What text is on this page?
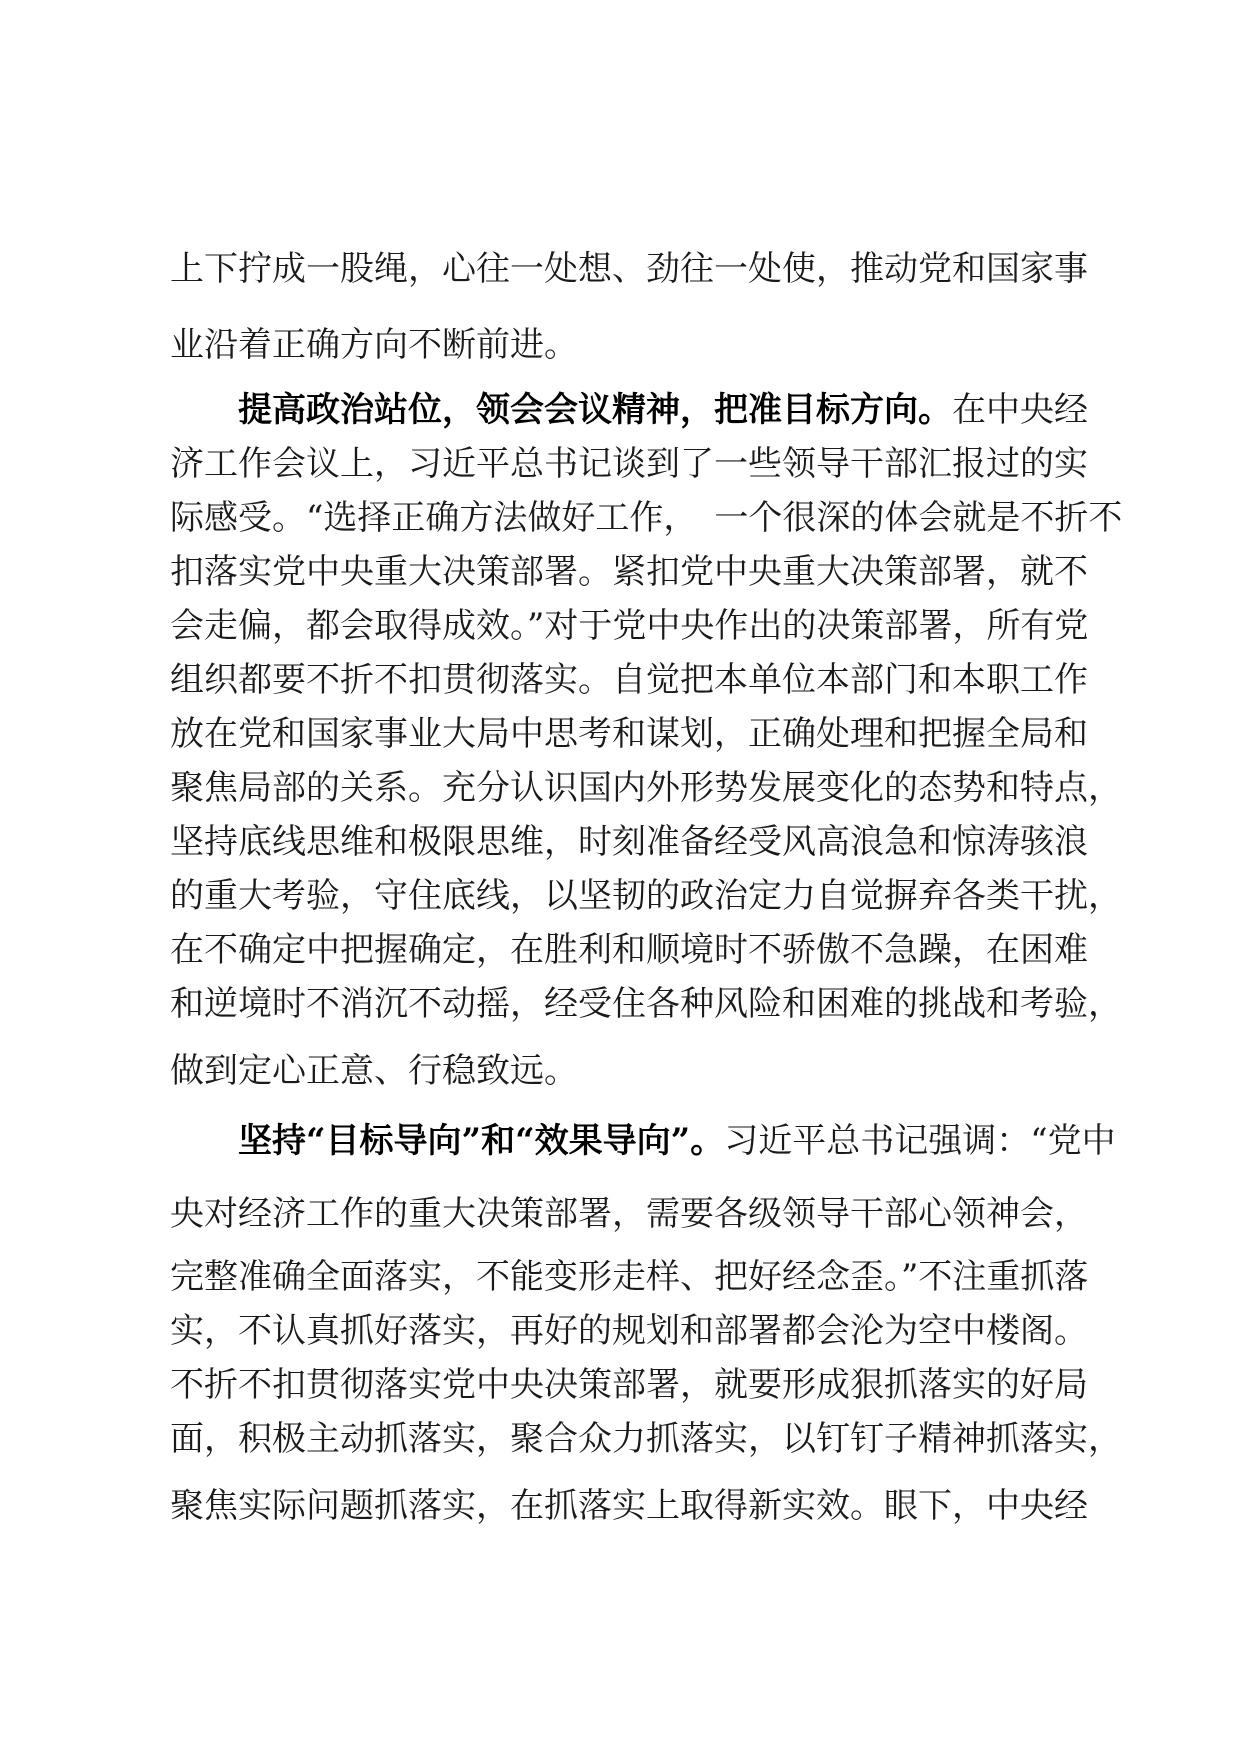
上下拧成一股绳，心往一处想、劲往一处使，推动党和国家事
业沿着正确方向不断前进。
提高政治站位，领会会议精神，把准目标方向。在中央经
济工作会议上，习近平总书记谈到了一些领导干部汇报过的实
际感受。“选择正确方法做好工作，　一个很深的体会就是不折不
扣落实党中央重大决策部署。紧扣党中央重大决策部署，就不
会走偏，都会取得成效。”对于党中央作出的决策部署，所有党
组织都要不折不扣贯彻落实。自觉把本单位本部门和本职工作
放在党和国家事业大局中思考和谋划，正确处理和把握全局和
聚焦局部的关系。充分认识国内外形势发展变化的态势和特点，
坚持底线思维和极限思维，时刻准备经受风高浪急和惊涛骇浪
的重大考验，守住底线，以坚韧的政治定力自觉摒弃各类干扰，
在不确定中把握确定，在胜利和顺境时不骄傲不急躁，在困难
和逆境时不消沉不动摇，经受住各种风险和困难的挑战和考验，
做到定心正意、行稳致远。
坚持“目标导向”和“效果导向”。习近平总书记强调：“党中
央对经济工作的重大决策部署，需要各级领导干部心领神会，
完整准确全面落实，不能变形走样、把好经念歪。”不注重抓落
实，不认真抓好落实，再好的规划和部署都会沦为空中楼阁。
不折不扣贯彻落实党中央决策部署，就要形成狠抓落实的好局
面，积极主动抓落实，聚合众力抓落实，以钉钉子精神抓落实，
聚焦实际问题抓落实，在抓落实上取得新实效。眼下，中央经
